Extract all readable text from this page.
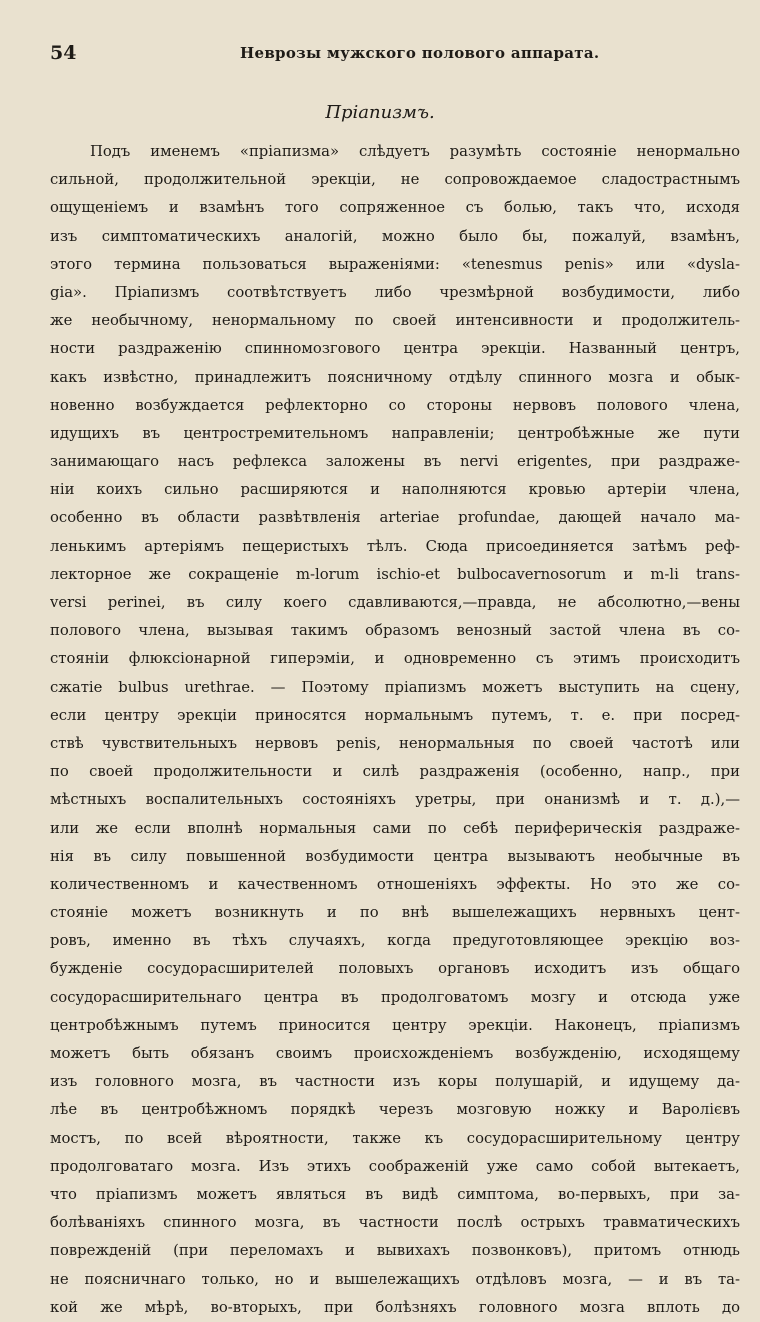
54	Неврозы мужского полового аппарата.
Пріапизмъ.
Подъ именемъ «пріапизма» слѣдуетъ разумѣть состояніе ненормально
сильной, продолжительной эрекціи, не сопровождаемое сладострастнымъ
ощущеніемъ и взамѣнъ того сопряженное съ болью, такъ что, исходя
изъ симптоматическихъ аналогій, можно было бы, пожалуй, взамѣнъ,
этого термина пользоваться выраженіями: «tenesmus penis» или «dysla-
gia». Пріапизмъ соотвѣтствуетъ либо чрезмѣрной возбудимости, либо
же необычному, ненормальному по своей интенсивности и продолжитель-
ности раздраженію спинномозгового центра эрекціи. Названный центръ,
какъ извѣстно, принадлежитъ поясничному отдѣлу спинного мозга и обык-
новенно возбуждается рефлекторно со стороны нервовъ полового члена,
идущихъ въ центростремительномъ направленіи; центробѣжные же пути
занимающаго насъ рефлекса заложены въ nervi erigentes, при раздраже-
ніи коихъ сильно расширяются и наполняются кровью артеріи члена,
особенно въ области развѣтвленія arteriae profundae, дающей начало ма-
ленькимъ артеріямъ пещеристыхъ тѣлъ. Сюда присоединяется затѣмъ реф-
лекторное же сокращеніе m-lorum ischio-et bulbocavernosorum и m-li trans-
versi perinei, въ силу коего сдавливаются,—правда, не абсолютно,—вены
полового члена, вызывая такимъ образомъ венозный застой члена въ со-
стояніи флюксіонарной гиперэміи, и одновременно съ этимъ происходитъ
сжатіе bulbus urethrae. — Поэтому пріапизмъ можетъ выступить на сцену,
если центру эрекціи приносятся нормальнымъ путемъ, т. е. при посред-
ствѣ чувствительныхъ нервовъ penis, ненормальныя по своей частотѣ или
по своей продолжительности и силѣ раздраженія (особенно, напр., при
мѣстныхъ воспалительныхъ состояніяхъ уретры, при онанизмѣ и т. д.),—
или же если вполнѣ нормальныя сами по себѣ периферическія раздраже-
нія въ силу повышенной возбудимости центра вызываютъ необычные въ
количественномъ и качественномъ отношеніяхъ эффекты. Но это же со-
стояніе можетъ возникнуть и по внѣ вышележащихъ нервныхъ цент-
ровъ, именно въ тѣхъ случаяхъ, когда предуготовляющее эрекцію воз-
бужденіе сосудорасширителей половыхъ органовъ исходитъ изъ общаго
сосудорасширительнаго центра въ продолговатомъ мозгу и отсюда уже
центробѣжнымъ путемъ приносится центру эрекціи. Наконецъ, пріапизмъ
можетъ быть обязанъ своимъ происхожденіемъ возбужденію, исходящему
изъ головного мозга, въ частности изъ коры полушарій, и идущему да-
лѣе въ центробѣжномъ порядкѣ черезъ мозговую ножку и Варолієвъ
мостъ, по всей вѣроятности, также къ сосудорасширительному центру
продолговатаго мозга. Изъ этихъ соображеній уже само собой вытекаетъ,
что пріапизмъ можетъ являться въ видѣ симптома, во-первыхъ, при за-
болѣваніяхъ спинного мозга, въ частности послѣ острыхъ травматическихъ
поврежденій (при переломахъ и вывихахъ позвонковъ), притомъ отнюдь
не поясничнаго только, но и вышележащихъ отдѣловъ мозга, — и въ та-
кой же мѣрѣ, во-вторыхъ, при болѣзняхъ головного мозга вплоть до
